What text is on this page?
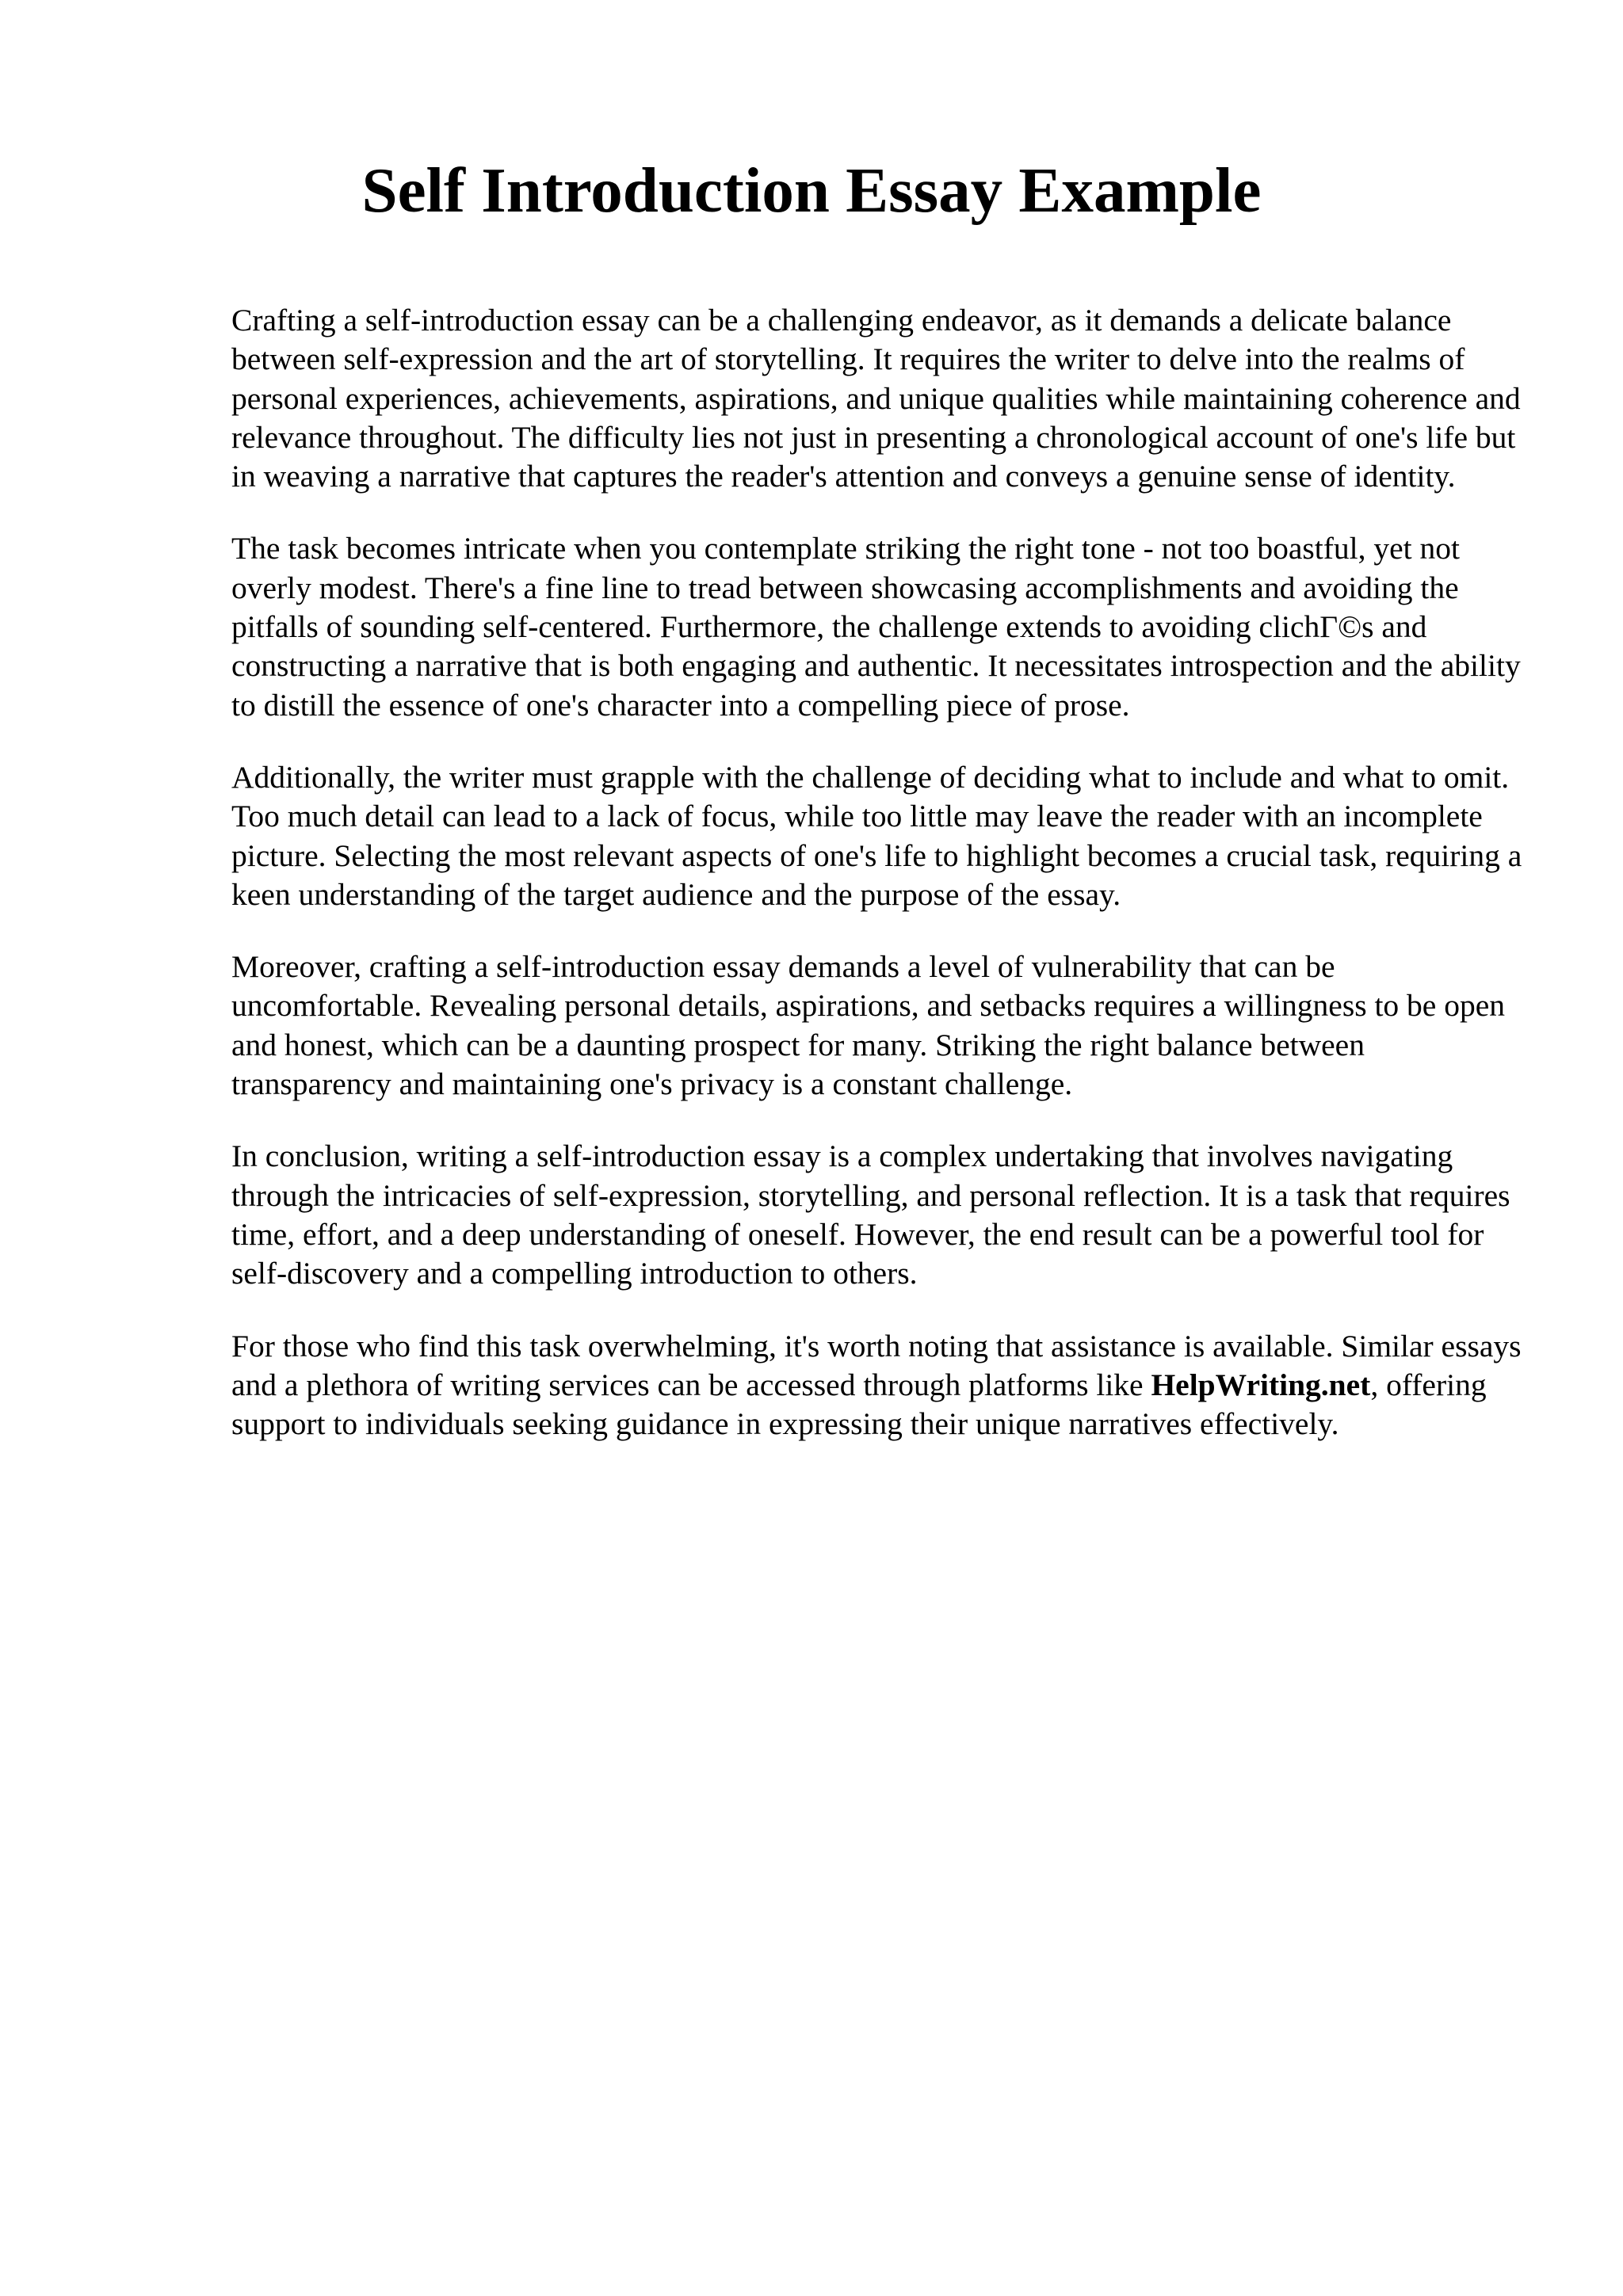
Self Introduction Essay Example

Crafting a self-introduction essay can be a challenging endeavor, as it demands a delicate balance between self-expression and the art of storytelling. It requires the writer to delve into the realms of personal experiences, achievements, aspirations, and unique qualities while maintaining coherence and relevance throughout. The difficulty lies not just in presenting a chronological account of one's life but in weaving a narrative that captures the reader's attention and conveys a genuine sense of identity.

The task becomes intricate when you contemplate striking the right tone - not too boastful, yet not overly modest. There's a fine line to tread between showcasing accomplishments and avoiding the pitfalls of sounding self-centered. Furthermore, the challenge extends to avoiding clichΓ©s and constructing a narrative that is both engaging and authentic. It necessitates introspection and the ability to distill the essence of one's character into a compelling piece of prose.

Additionally, the writer must grapple with the challenge of deciding what to include and what to omit. Too much detail can lead to a lack of focus, while too little may leave the reader with an incomplete picture. Selecting the most relevant aspects of one's life to highlight becomes a crucial task, requiring a keen understanding of the target audience and the purpose of the essay.

Moreover, crafting a self-introduction essay demands a level of vulnerability that can be uncomfortable. Revealing personal details, aspirations, and setbacks requires a willingness to be open and honest, which can be a daunting prospect for many. Striking the right balance between transparency and maintaining one's privacy is a constant challenge.

In conclusion, writing a self-introduction essay is a complex undertaking that involves navigating through the intricacies of self-expression, storytelling, and personal reflection. It is a task that requires time, effort, and a deep understanding of oneself. However, the end result can be a powerful tool for self-discovery and a compelling introduction to others.

For those who find this task overwhelming, it's worth noting that assistance is available. Similar essays and a plethora of writing services can be accessed through platforms like HelpWriting.net, offering support to individuals seeking guidance in expressing their unique narratives effectively.
